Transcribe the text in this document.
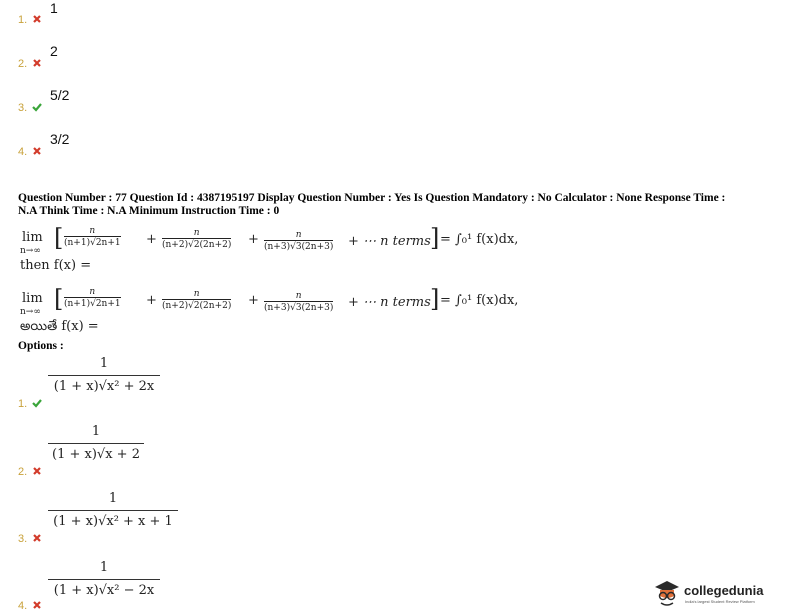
1.
1
2.
2
3.
5/2
4.
3/2
Question Number : 77 Question Id : 4387195197 Display Question Number : Yes Is Question Mandatory : No Calculator : None Response Time :
N.A Think Time : N.A Minimum Instruction Time : 0
lim
n→∞ [ $\frac{n}{(n+1)√2n+1} + \frac{n}{(n+2)√2(2n+2)} + \frac{n}{(n+3)√3(2n+3)}$ + ⋯ n terms ] = ∫₀¹ f(x)dx,
then f(x) =
lim
n→∞ [ $\frac{n}{(n+1)√2n+1} + \frac{n}{(n+2)√2(2n+2)} + \frac{n}{(n+3)√3(2n+3)}$ + ⋯ n terms ] = ∫₀¹ f(x)dx,
అయితే f(x) =
Options :
1.
1
(1 + x)√x² + 2x
2.
1
(1 + x)√x + 2
3.
1
(1 + x)√x² + x + 1
4.
1
(1 + x)√x² − 2x	collegedunia
India's largest Student Review Platform
